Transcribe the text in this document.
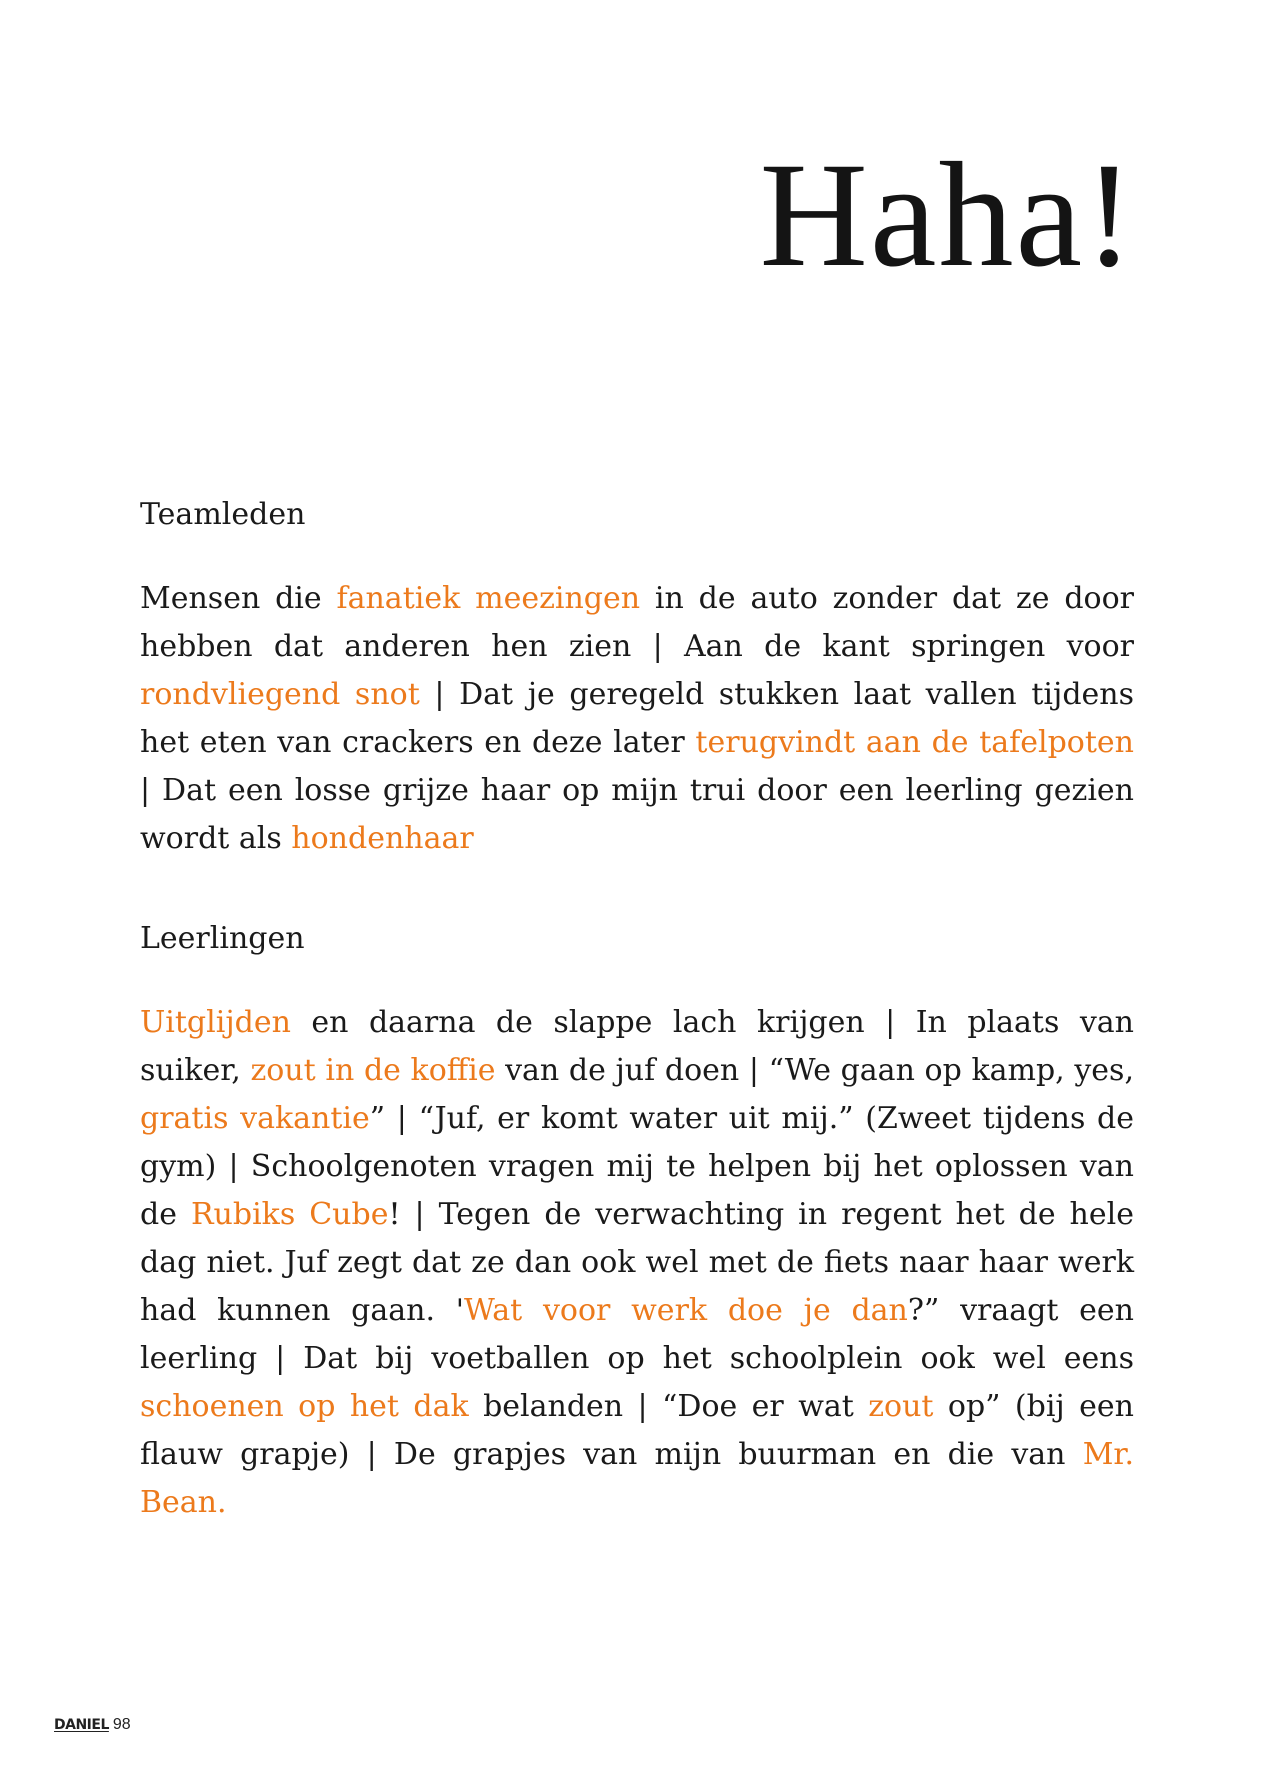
Haha!
Teamleden

Mensen die fanatiek meezingen in de auto zonder dat ze door hebben dat anderen hen zien | Aan de kant springen voor rondvliegend snot | Dat je geregeld stukken laat vallen tijdens het eten van crackers en deze later terugvindt aan de tafelpoten | Dat een losse grijze haar op mijn trui door een leerling gezien wordt als hondenhaar

Leerlingen

Uitglijden en daarna de slappe lach krijgen | In plaats van suiker, zout in de koffie van de juf doen | “We gaan op kamp, yes, gratis vakantie” | “Juf, er komt water uit mij.” (Zweet tijdens de gym) | Schoolgenoten vragen mij te helpen bij het oplossen van de Rubiks Cube! | Tegen de verwachting in regent het de hele dag niet. Juf zegt dat ze dan ook wel met de fiets naar haar werk had kunnen gaan. 'Wat voor werk doe je dan?” vraagt een leerling | Dat bij voetballen op het schoolplein ook wel eens schoenen op het dak belanden | “Doe er wat zout op” (bij een flauw grapje) | De grapjes van mijn buurman en die van Mr. Bean.

DANIEL 98
